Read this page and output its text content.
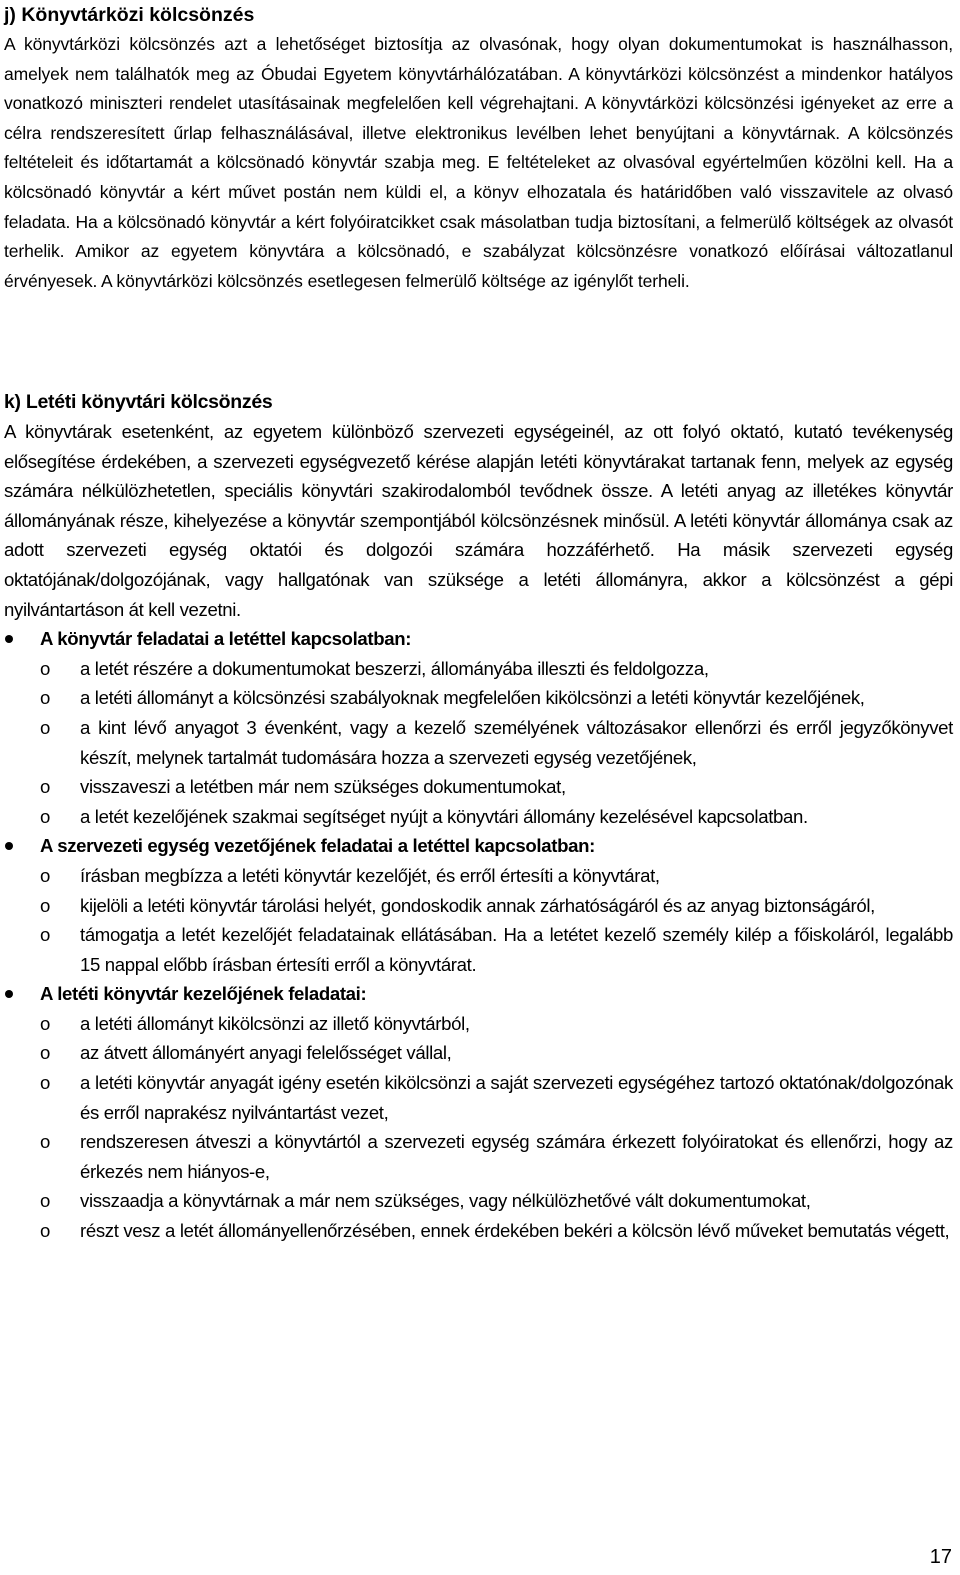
j) Könyvtárközi kölcsönzés

A könyvtárközi kölcsönzés azt a lehetőséget biztosítja az olvasónak, hogy olyan dokumentumokat is használhasson, amelyek nem találhatók meg az Óbudai Egyetem könyvtárhálózatában. A könyvtárközi kölcsönzést a mindenkor hatályos vonatkozó miniszteri rendelet utasításainak megfelelően kell végrehajtani. A könyvtárközi kölcsönzési igényeket az erre a célra rendszeresített űrlap felhasználásával, illetve elektronikus levélben lehet benyújtani a könyvtárnak. A kölcsönzés feltételeit és időtartamát a kölcsönadó könyvtár szabja meg. E feltételeket az olvasóval egyértelműen közölni kell. Ha a kölcsönadó könyvtár a kért művet postán nem küldi el, a könyv elhozatala és határidőben való visszavitele az olvasó feladata. Ha a kölcsönadó könyvtár a kért folyóiratcikket csak másolatban tudja biztosítani, a felmerülő költségek az olvasót terhelik. Amikor az egyetem könyvtára a kölcsönadó, e szabályzat kölcsönzésre vonatkozó előírásai változatlanul érvényesek. A könyvtárközi kölcsönzés esetlegesen felmerülő költsége az igénylőt terheli.

k) Letéti könyvtári kölcsönzés

A könyvtárak esetenként, az egyetem különböző szervezeti egységeinél, az ott folyó oktató, kutató tevékenység elősegítése érdekében, a szervezeti egységvezető kérése alapján letéti könyvtárakat tartanak fenn, melyek az egység számára nélkülözhetetlen, speciális könyvtári szakirodalomból tevődnek össze. A letéti anyag az illetékes könyvtár állományának része, kihelyezése a könyvtár szempontjából kölcsönzésnek minősül. A letéti könyvtár állománya csak az adott szervezeti egység oktatói és dolgozói számára hozzáférhető. Ha másik szervezeti egység oktatójának/dolgozójának, vagy hallgatónak van szüksége a letéti állományra, akkor a kölcsönzést a gépi nyilvántartáson át kell vezetni.

A könyvtár feladatai a letéttel kapcsolatban:
o a letét részére a dokumentumokat beszerzi, állományába illeszti és feldolgozza,
o a letéti állományt a kölcsönzési szabályoknak megfelelően kikölcsönzi a letéti könyvtár kezelőjének,
o a kint lévő anyagot 3 évenként, vagy a kezelő személyének változásakor ellenőrzi és erről jegyzőkönyvet készít, melynek tartalmát tudomására hozza a szervezeti egység vezetőjének,
o visszaveszi a letétben már nem szükséges dokumentumokat,
o a letét kezelőjének szakmai segítséget nyújt a könyvtári állomány kezelésével kapcsolatban.
A szervezeti egység vezetőjének feladatai a letéttel kapcsolatban:
o írásban megbízza a letéti könyvtár kezelőjét, és erről értesíti a könyvtárat,
o kijelöli a letéti könyvtár tárolási helyét, gondoskodik annak zárhatóságáról és az anyag biztonságáról,
o támogatja a letét kezelőjét feladatainak ellátásában. Ha a letétet kezelő személy kilép a főiskoláról, legalább 15 nappal előbb írásban értesíti erről a könyvtárat.
A letéti könyvtár kezelőjének feladatai:
o a letéti állományt kikölcsönzi az illető könyvtárból,
o az átvett állományért anyagi felelősséget vállal,
o a letéti könyvtár anyagát igény esetén kikölcsönzi a saját szervezeti egységéhez tartozó oktatónak/dolgozónak és erről naprakész nyilvántartást vezet,
o rendszeresen átveszi a könyvtártól a szervezeti egység számára érkezett folyóiratokat és ellenőrzi, hogy az érkezés nem hiányos-e,
o visszaadja a könyvtárnak a már nem szükséges, vagy nélkülözhetővé vált dokumentumokat,
o részt vesz a letét állományellenőrzésében, ennek érdekében bekéri a kölcsön lévő műveket bemutatás végett,
17
